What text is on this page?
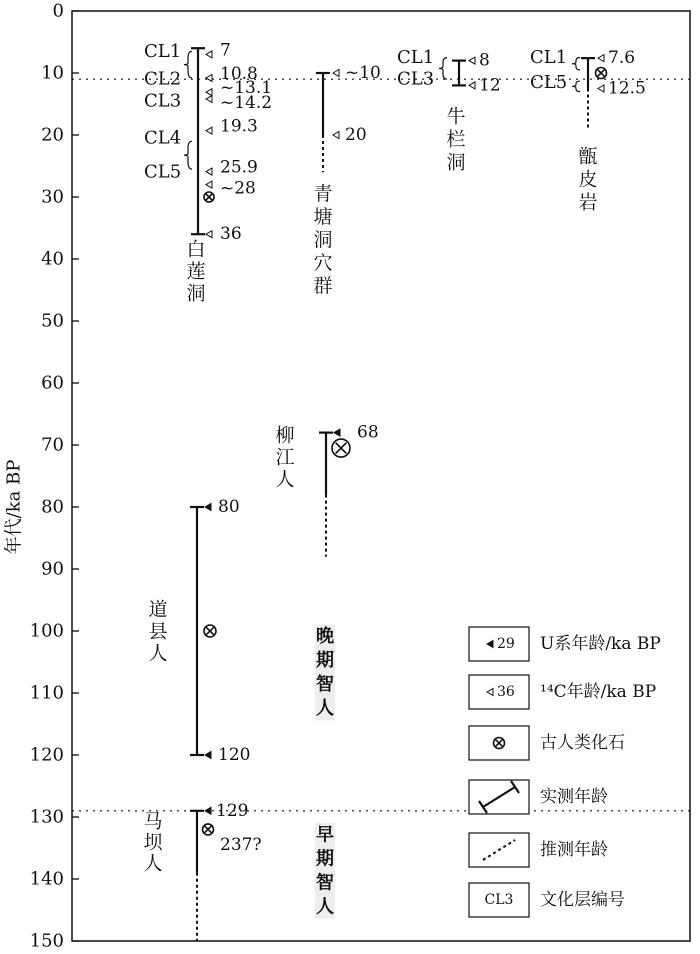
0
10
20
30
40
50
60
70
80
90
100
110
120
130
140
150
年代/ka BP
7
10.8
~13.1
~14.2
19.3
25.9
~28
36
CL1
CL2
CL3
CL4
CL5
白
莲
洞
~10
20
青
塘
洞
穴
群
8
12
CL1
CL3
牛
栏
洞
7.6
12.5
CL1
CL5
甑
皮
岩
68
柳
江
人
80
120
道
县
人
129
237?
马
坝
人
晚
期
智
人
早
期
智
人
29 U系年龄/ka BP
36 ¹⁴C年龄/ka BP
古人类化石
实测年龄
推测年龄
CL3 文化层编号
